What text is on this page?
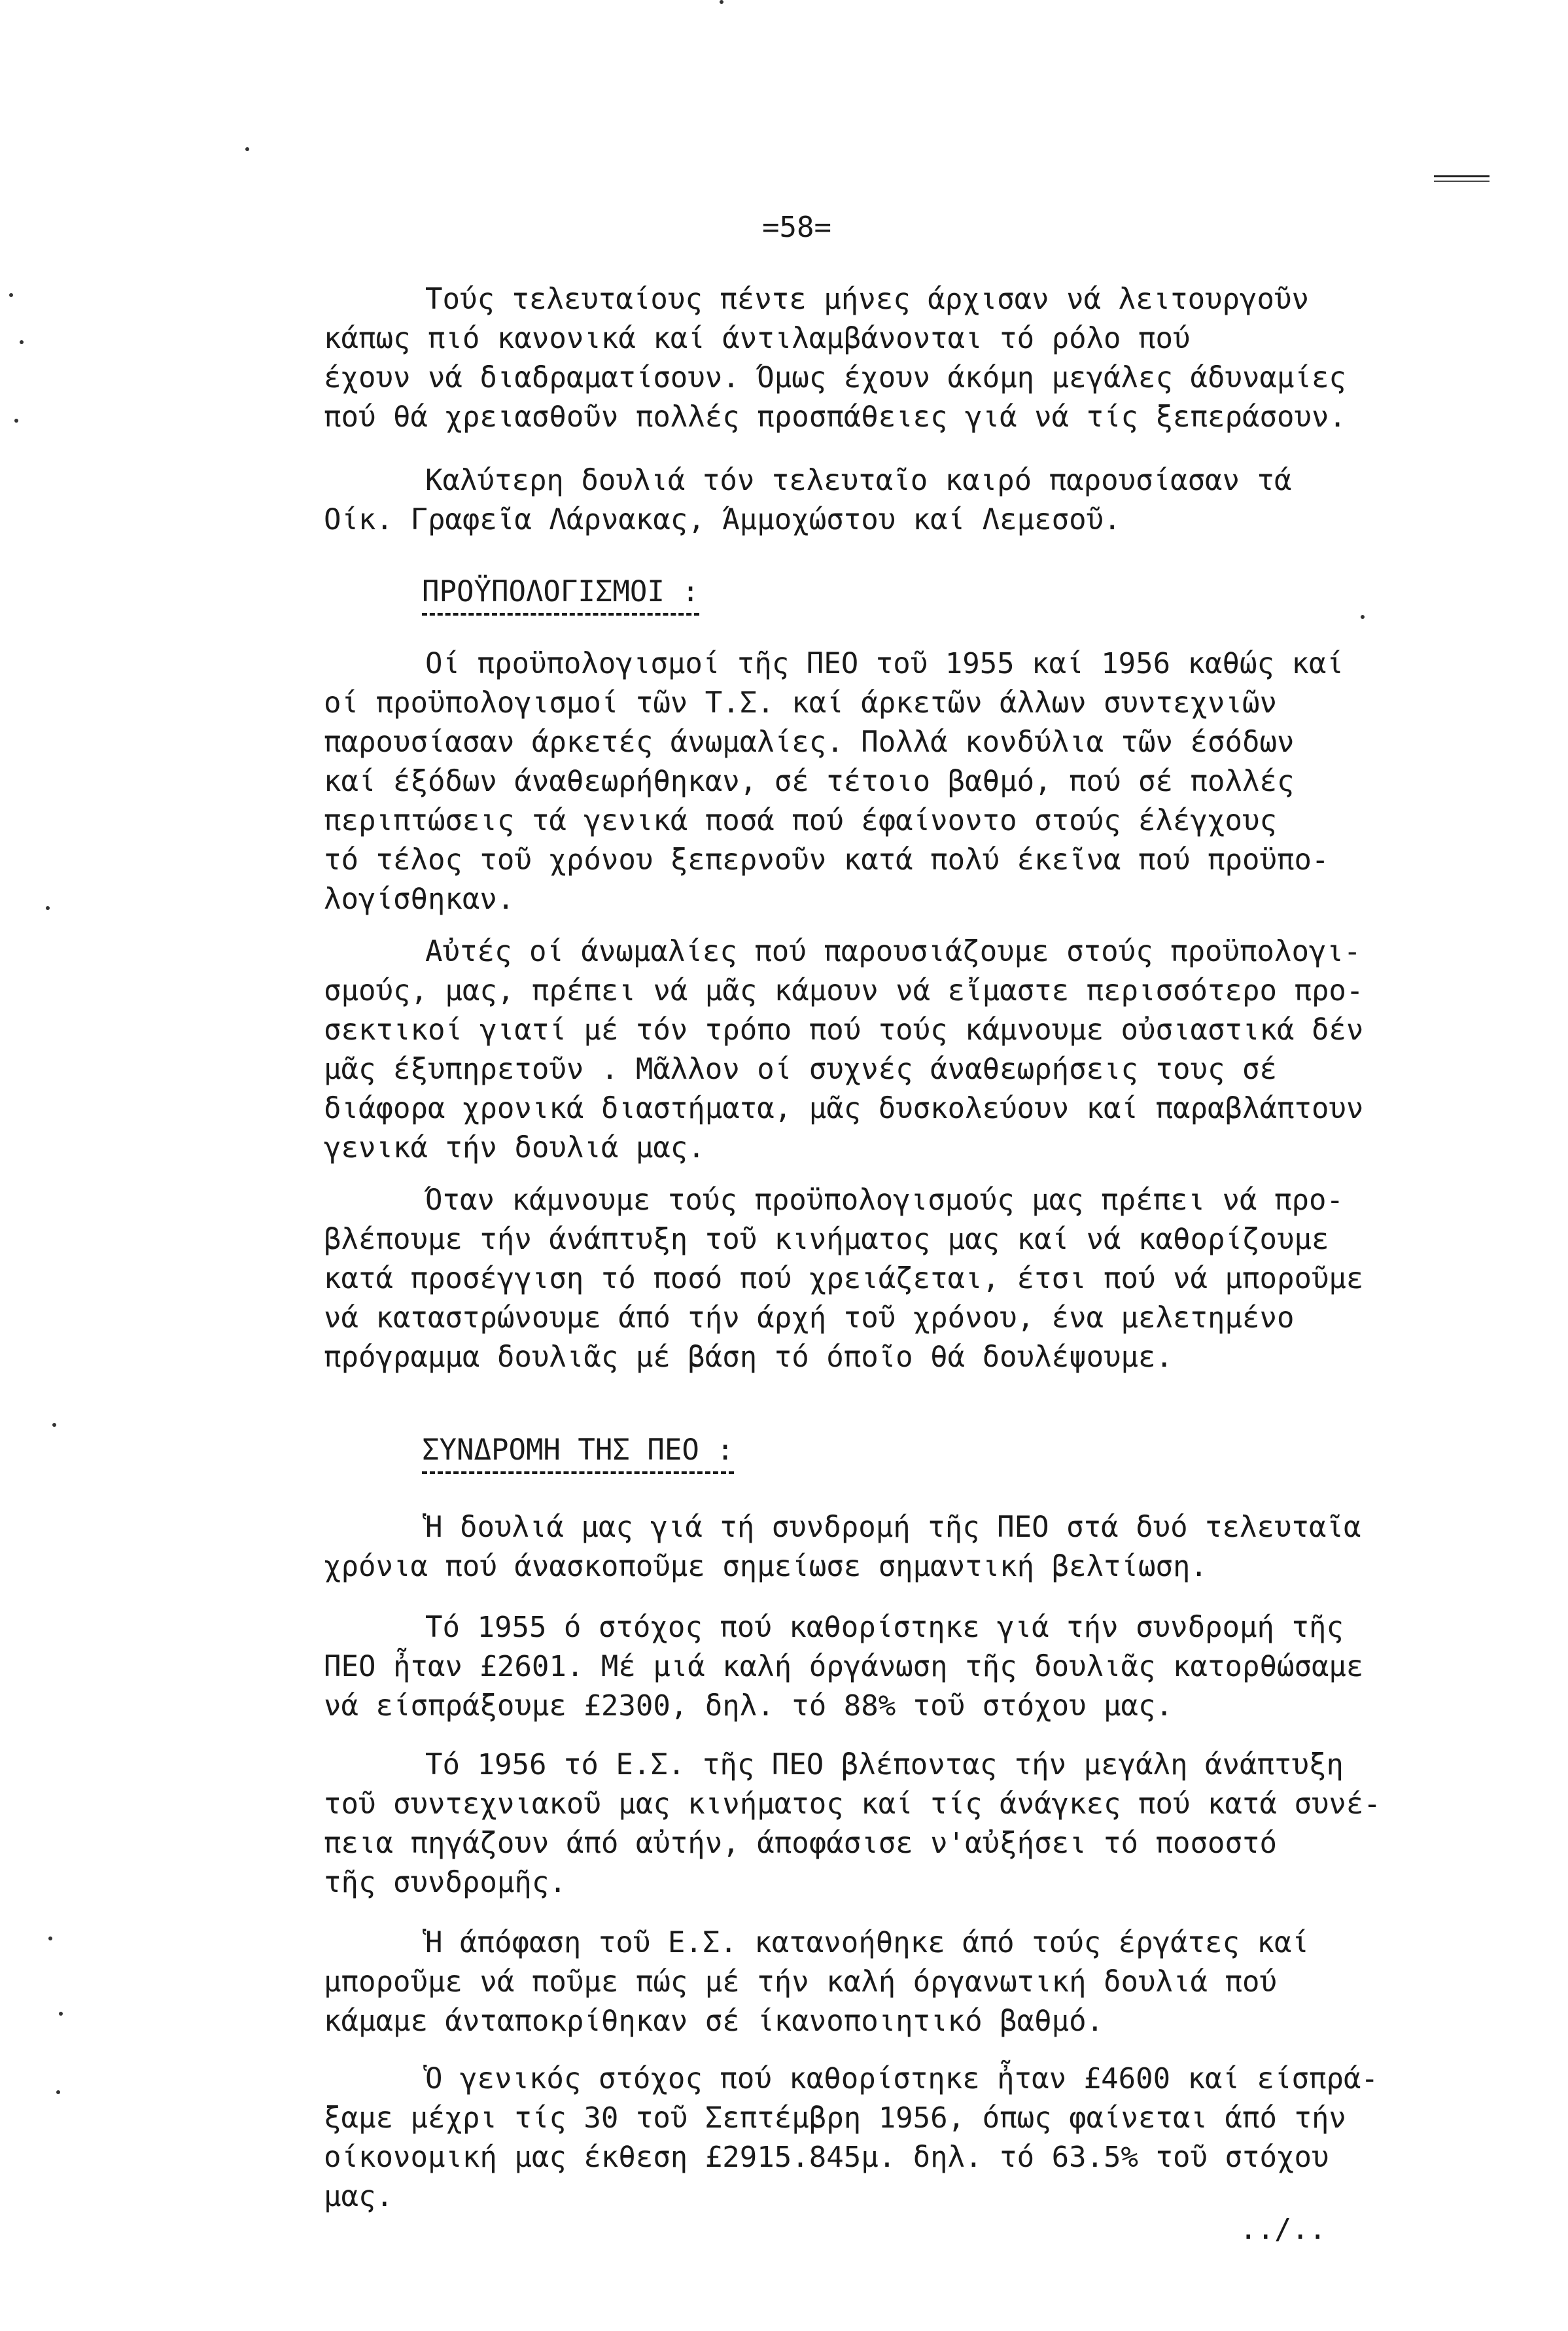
=58=
Τούς τελευταίους πέντε μήνες άρχισαν νά λειτουργοῦν
κάπως πιό κανονικά καί άντιλαμβάνονται τό ρόλο πού
έχουν νά διαδραματίσουν. Όμως έχουν άκόμη μεγάλες άδυναμίες
πού θά χρειασθοῦν πολλές προσπάθειες γιά νά τίς ξεπεράσουν.
Καλύτερη δουλιά τόν τελευταῖο καιρό παρουσίασαν τά
Οίκ. Γραφεῖα Λάρνακας, Άμμοχώστου καί Λεμεσοῦ.
ΠΡΟΫΠΟΛΟΓΙΣΜΟΙ :
Οί προϋπολογισμοί τῆς ΠΕΟ τοῦ 1955 καί 1956 καθώς καί
οί προϋπολογισμοί τῶν Τ.Σ. καί άρκετῶν άλλων συντεχνιῶν
παρουσίασαν άρκετές άνωμαλίες. Πολλά κονδύλια τῶν έσόδων
καί έξόδων άναθεωρήθηκαν, σέ τέτοιο βαθμό, πού σέ πολλές
περιπτώσεις τά γενικά ποσά πού έφαίνοντο στούς έλέγχους
τό τέλος τοῦ χρόνου ξεπερνοῦν κατά πολύ έκεῖνα πού προϋπο-
λογίσθηκαν.
Αὐτές οί άνωμαλίες πού παρουσιάζουμε στούς προϋπολογι-
σμούς, μας, πρέπει νά μᾶς κάμουν νά εἴμαστε περισσότερο προ-
σεκτικοί γιατί μέ τόν τρόπο πού τούς κάμνουμε οὐσιαστικά δέν
μᾶς έξυπηρετοῦν . Μᾶλλον οί συχνές άναθεωρήσεις τους σέ
διάφορα χρονικά διαστήματα, μᾶς δυσκολεύουν καί παραβλάπτουν
γενικά τήν δουλιά μας.
Όταν κάμνουμε τούς προϋπολογισμούς μας πρέπει νά προ-
βλέπουμε τήν άνάπτυξη τοῦ κινήματος μας καί νά καθορίζουμε
κατά προσέγγιση τό ποσό πού χρειάζεται, έτσι πού νά μποροῦμε
νά καταστρώνουμε άπό τήν άρχή τοῦ χρόνου, ένα μελετημένο
πρόγραμμα δουλιᾶς μέ βάση τό όποῖο θά δουλέψουμε.
ΣΥΝΔΡΟΜΗ ΤΗΣ ΠΕΟ :
Ἡ δουλιά μας γιά τή συνδρομή τῆς ΠΕΟ στά δυό τελευταῖα
χρόνια πού άνασκοποῦμε σημείωσε σημαντική βελτίωση.
Τό 1955 ό στόχος πού καθορίστηκε γιά τήν συνδρομή τῆς
ΠΕΟ ἦταν £2601. Μέ μιά καλή όργάνωση τῆς δουλιᾶς κατορθώσαμε
νά είσπράξουμε £2300, δηλ. τό 88% τοῦ στόχου μας.
Τό 1956 τό Ε.Σ. τῆς ΠΕΟ βλέποντας τήν μεγάλη άνάπτυξη
τοῦ συντεχνιακοῦ μας κινήματος καί τίς άνάγκες πού κατά συνέ-
πεια πηγάζουν άπό αὐτήν, άποφάσισε ν'αὐξήσει τό ποσοστό
τῆς συνδρομῆς.
Ἡ άπόφαση τοῦ Ε.Σ. κατανοήθηκε άπό τούς έργάτες καί
μποροῦμε νά ποῦμε πώς μέ τήν καλή όργανωτική δουλιά πού
κάμαμε άνταποκρίθηκαν σέ ίκανοποιητικό βαθμό.
Ὁ γενικός στόχος πού καθορίστηκε ἦταν £4600 καί είσπρά-
ξαμε μέχρι τίς 30 τοῦ Σεπτέμβρη 1956, όπως φαίνεται άπό τήν
οίκονομική μας έκθεση £2915.845μ. δηλ. τό 63.5% τοῦ στόχου
μας.
../..
